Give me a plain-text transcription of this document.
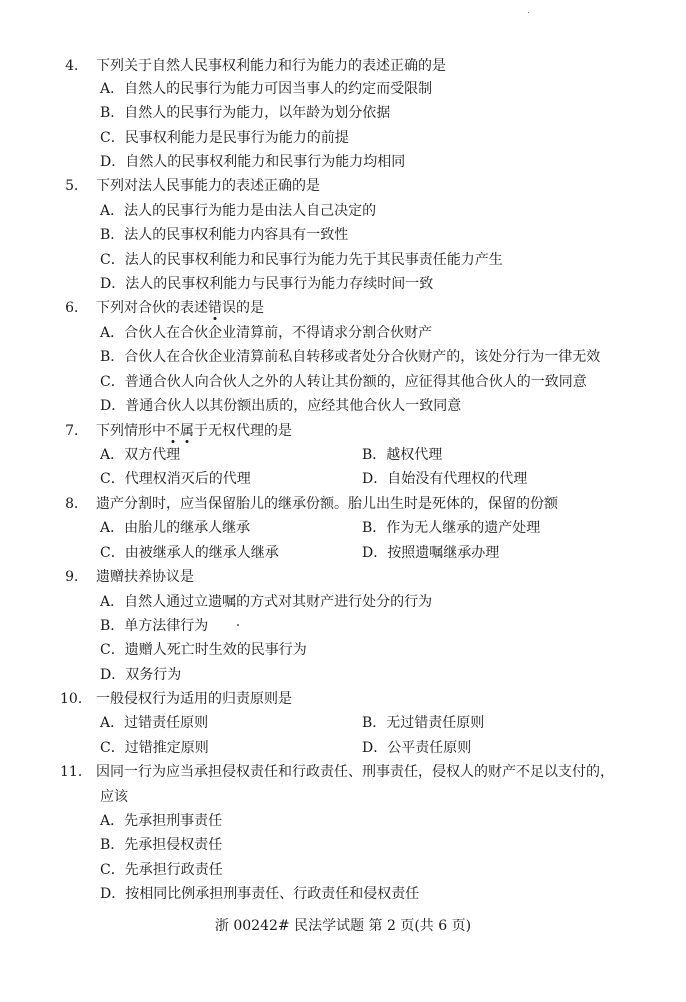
4． 下列关于自然人民事权利能力和行为能力的表述正确的是
A．自然人的民事行为能力可因当事人的约定而受限制
B．自然人的民事行为能力，以年龄为划分依据
C．民事权利能力是民事行为能力的前提
D．自然人的民事权利能力和民事行为能力均相同
5． 下列对法人民事能力的表述正确的是
A．法人的民事行为能力是由法人自己决定的
B．法人的民事权利能力内容具有一致性
C．法人的民事权利能力和民事行为能力先于其民事责任能力产生
D．法人的民事权利能力与民事行为能力存续时间一致
6． 下列对合伙的表述错误的是
A．合伙人在合伙企业清算前，不得请求分割合伙财产
B．合伙人在合伙企业清算前私自转移或者处分合伙财产的，该处分行为一律无效
C．普通合伙人向合伙人之外的人转让其份额的，应征得其他合伙人的一致同意
D．普通合伙人以其份额出质的，应经其他合伙人一致同意
7． 下列情形中不属于无权代理的是
A．双方代理	B．越权代理
C．代理权消灭后的代理	D．自始没有代理权的代理
8． 遗产分割时，应当保留胎儿的继承份额。胎儿出生时是死体的，保留的份额
A．由胎儿的继承人继承	B．作为无人继承的遗产处理
C．由被继承人的继承人继承	D．按照遗嘱继承办理
9． 遗赠扶养协议是
A．自然人通过立遗嘱的方式对其财产进行处分的行为
B．单方法律行为
C．遗赠人死亡时生效的民事行为
D．双务行为
10． 一般侵权行为适用的归责原则是
A．过错责任原则	B．无过错责任原则
C．过错推定原则	D．公平责任原则
11． 因同一行为应当承担侵权责任和行政责任、刑事责任，侵权人的财产不足以支付的，
应该
A．先承担刑事责任
B．先承担侵权责任
C．先承担行政责任
D．按相同比例承担刑事责任、行政责任和侵权责任
浙 00242# 民法学试题 第 2 页(共 6 页)
